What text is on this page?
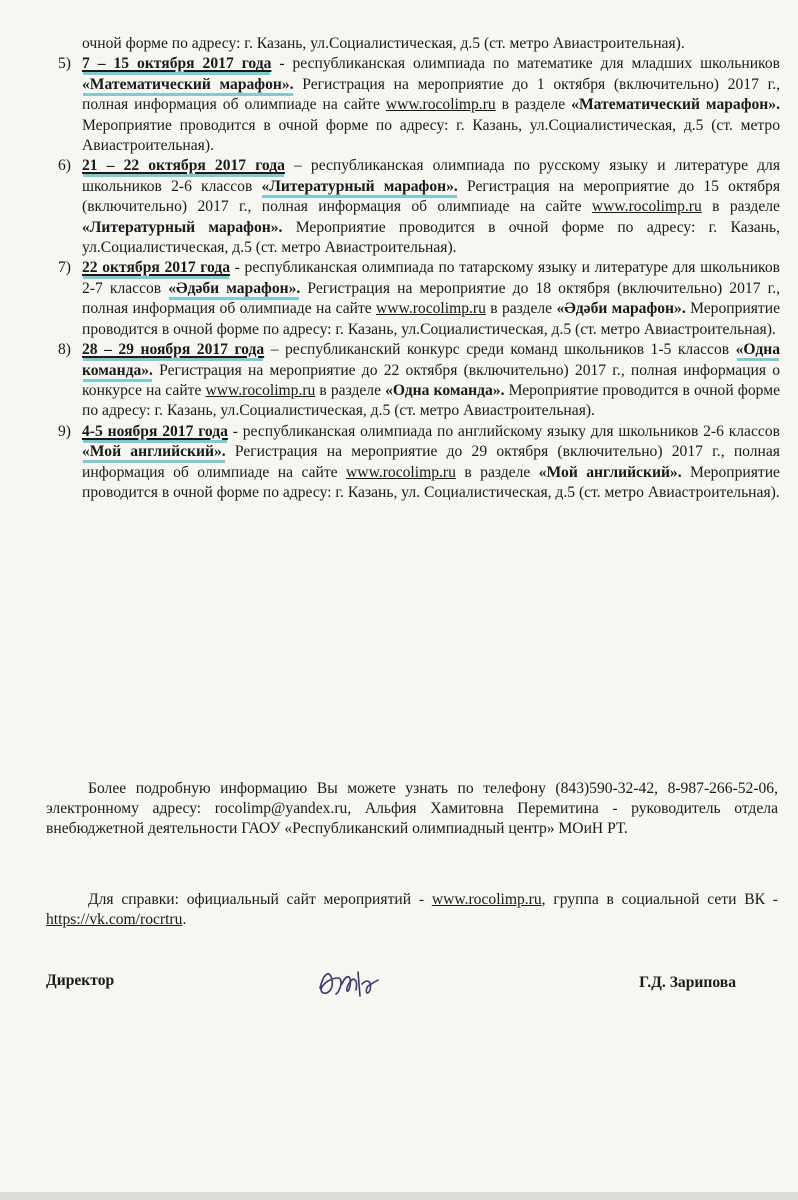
очной форме по адресу: г. Казань, ул.Социалистическая, д.5 (ст. метро Авиастроительная).

5) 7 – 15 октября 2017 года - республиканская олимпиада по математике для младших школьников «Математический марафон». Регистрация на мероприятие до 1 октября (включительно) 2017 г., полная информация об олимпиаде на сайте www.rocolimp.ru в разделе «Математический марафон». Мероприятие проводится в очной форме по адресу: г. Казань, ул.Социалистическая, д.5 (ст. метро Авиастроительная).

6) 21 – 22 октября 2017 года – республиканская олимпиада по русскому языку и литературе для школьников 2-6 классов «Литературный марафон». Регистрация на мероприятие до 15 октября (включительно) 2017 г., полная информация об олимпиаде на сайте www.rocolimp.ru в разделе «Литературный марафон». Мероприятие проводится в очной форме по адресу: г. Казань, ул.Социалистическая, д.5 (ст. метро Авиастроительная).

7) 22 октября 2017 года - республиканская олимпиада по татарскому языку и литературе для школьников 2-7 классов «Әдәби марафон». Регистрация на мероприятие до 18 октября (включительно) 2017 г., полная информация об олимпиаде на сайте www.rocolimp.ru в разделе «Әдәби марафон». Мероприятие проводится в очной форме по адресу: г. Казань, ул.Социалистическая, д.5 (ст. метро Авиастроительная).

8) 28 – 29 ноября 2017 года – республиканский конкурс среди команд школьников 1-5 классов «Одна команда». Регистрация на мероприятие до 22 октября (включительно) 2017 г., полная информация о конкурсе на сайте www.rocolimp.ru в разделе «Одна команда». Мероприятие проводится в очной форме по адресу: г. Казань, ул.Социалистическая, д.5 (ст. метро Авиастроительная).

9) 4-5 ноября 2017 года - республиканская олимпиада по английскому языку для школьников 2-6 классов «Мой английский». Регистрация на мероприятие до 29 октября (включительно) 2017 г., полная информация об олимпиаде на сайте www.rocolimp.ru в разделе «Мой английский». Мероприятие проводится в очной форме по адресу: г. Казань, ул. Социалистическая, д.5 (ст. метро Авиастроительная).

Более подробную информацию Вы можете узнать по телефону (843)590-32-42, 8-987-266-52-06, электронному адресу: rocolimp@yandex.ru, Альфия Хамитовна Перемитина - руководитель отдела внебюджетной деятельности ГАОУ «Республиканский олимпиадный центр» МОиН РТ.

Для справки: официальный сайт мероприятий - www.rocolimp.ru, группа в социальной сети ВК - https://vk.com/rocrtru.

Директор	Г.Д. Зарипова
